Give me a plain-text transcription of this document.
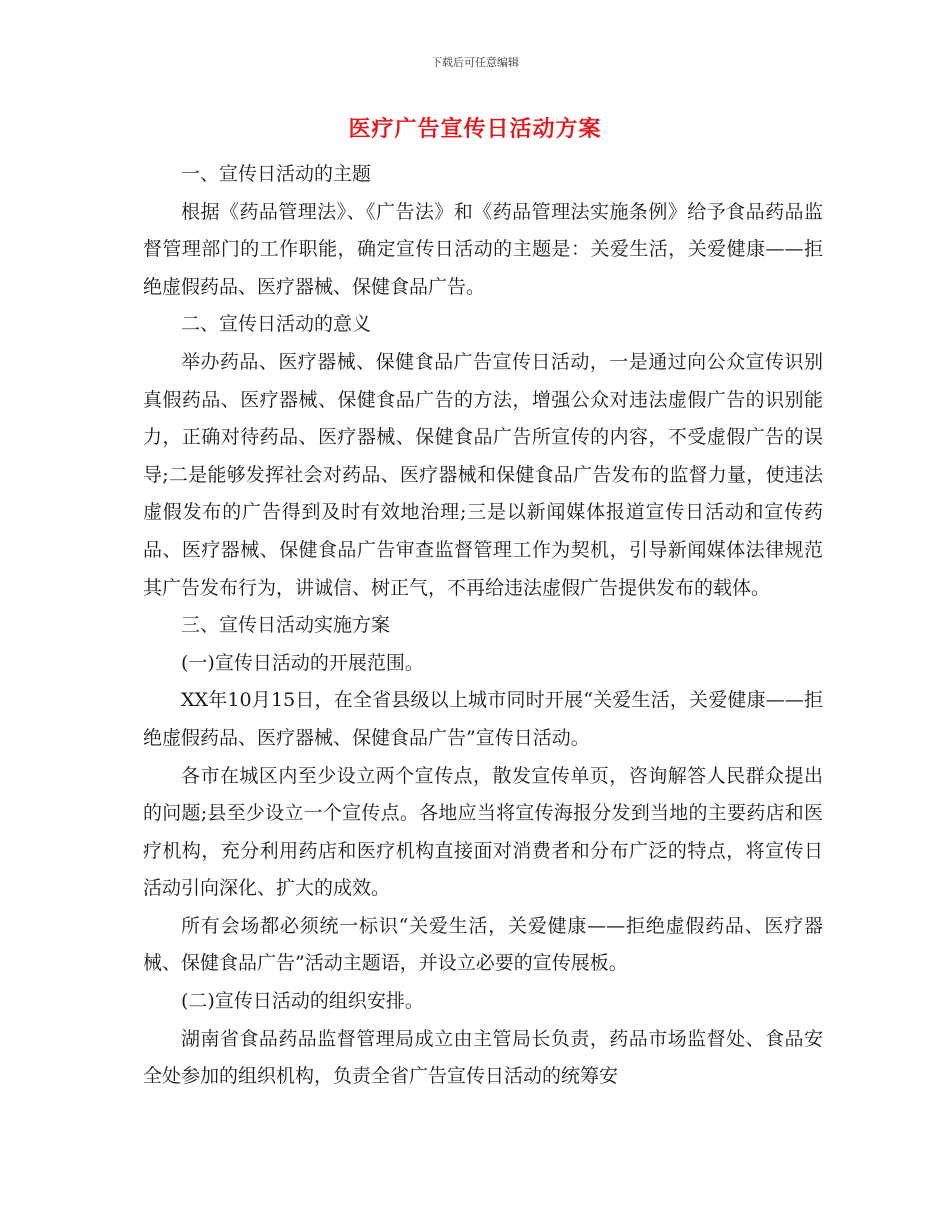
下载后可任意编辑
医疗广告宣传日活动方案

一、宣传日活动的主题

根据《药品管理法》、《广告法》和《药品管理法实施条例》给予食品药品监督管理部门的工作职能，确定宣传日活动的主题是：关爱生活，关爱健康——拒绝虚假药品、医疗器械、保健食品广告。

二、宣传日活动的意义

举办药品、医疗器械、保健食品广告宣传日活动，一是通过向公众宣传识别真假药品、医疗器械、保健食品广告的方法，增强公众对违法虚假广告的识别能力，正确对待药品、医疗器械、保健食品广告所宣传的内容，不受虚假广告的误导;二是能够发挥社会对药品、医疗器械和保健食品广告发布的监督力量，使违法虚假发布的广告得到及时有效地治理;三是以新闻媒体报道宣传日活动和宣传药品、医疗器械、保健食品广告审查监督管理工作为契机，引导新闻媒体法律规范其广告发布行为，讲诚信、树正气，不再给违法虚假广告提供发布的载体。

三、宣传日活动实施方案

(一)宣传日活动的开展范围。

XX年10月15日，在全省县级以上城市同时开展“关爱生活，关爱健康——拒绝虚假药品、医疗器械、保健食品广告”宣传日活动。

各市在城区内至少设立两个宣传点，散发宣传单页，咨询解答人民群众提出的问题;县至少设立一个宣传点。各地应当将宣传海报分发到当地的主要药店和医疗机构，充分利用药店和医疗机构直接面对消费者和分布广泛的特点，将宣传日活动引向深化、扩大的成效。

所有会场都必须统一标识“关爱生活，关爱健康——拒绝虚假药品、医疗器械、保健食品广告”活动主题语，并设立必要的宣传展板。

(二)宣传日活动的组织安排。

湖南省食品药品监督管理局成立由主管局长负责，药品市场监督处、食品安全处参加的组织机构，负责全省广告宣传日活动的统筹安
